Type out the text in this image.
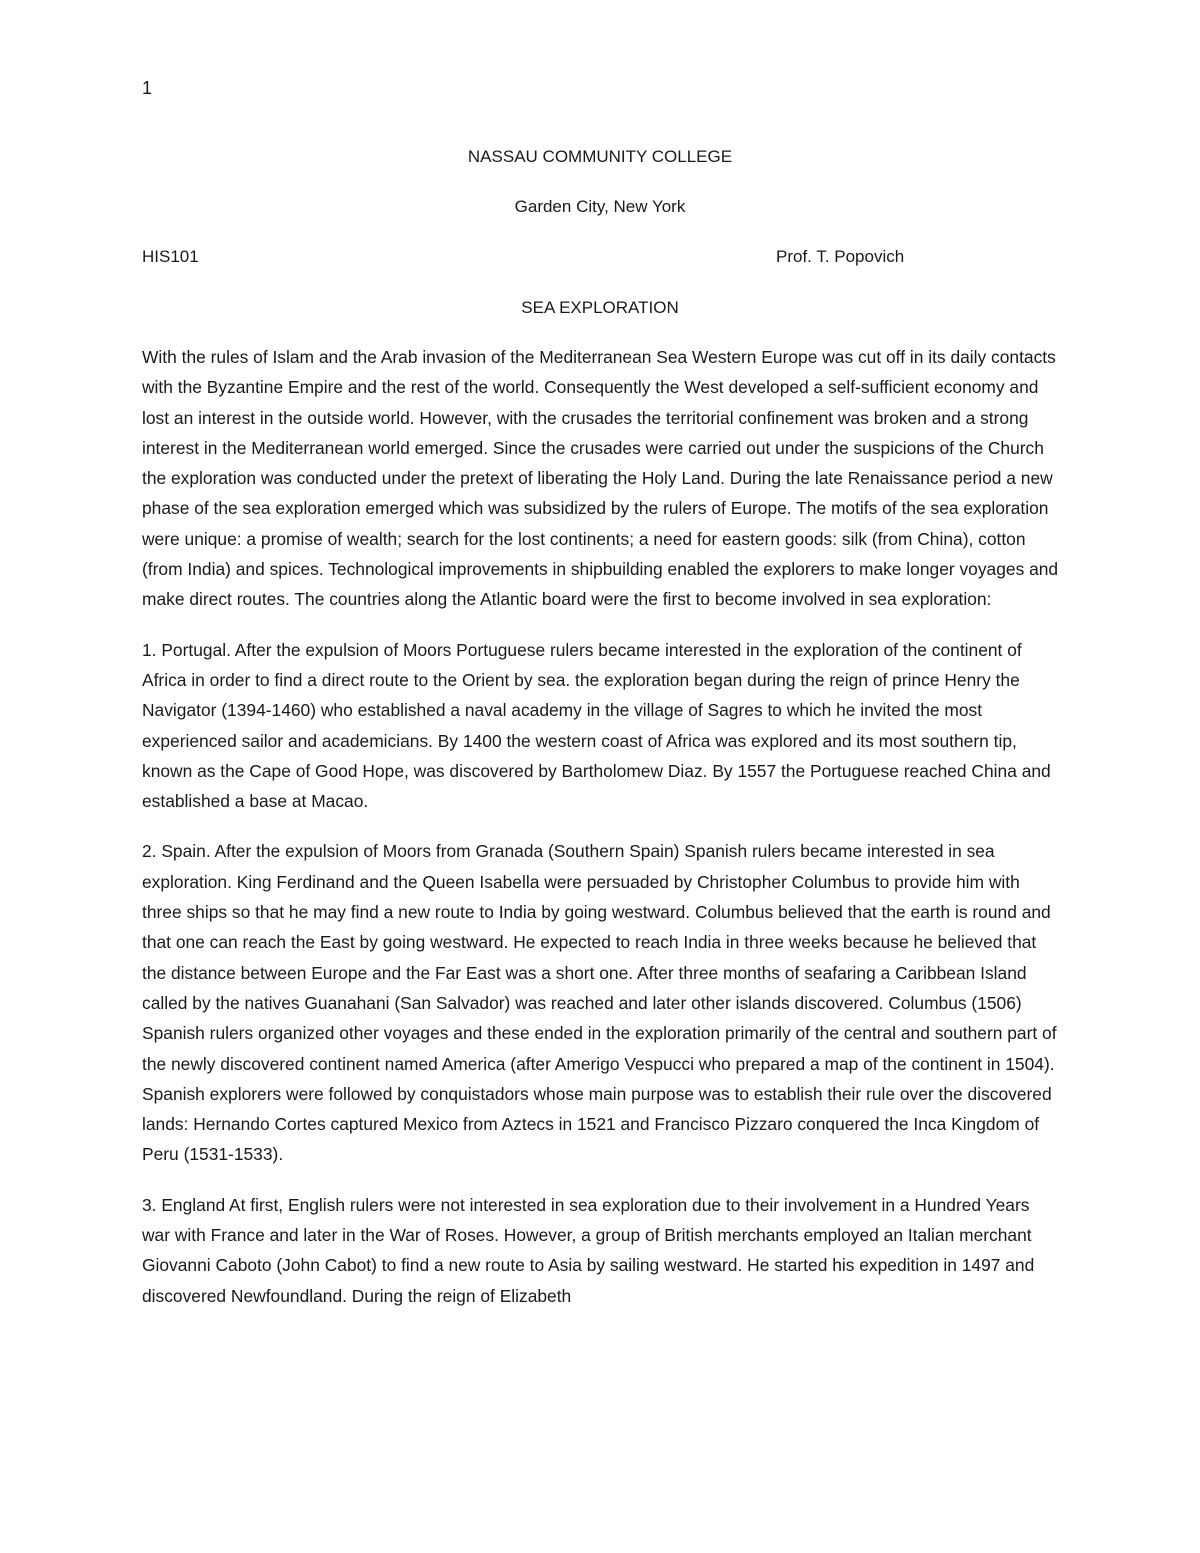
1
NASSAU COMMUNITY COLLEGE
Garden City, New York
HIS101	Prof. T. Popovich
SEA EXPLORATION

With the rules of Islam and the Arab invasion of the Mediterranean Sea Western Europe was cut off in its daily contacts with the Byzantine Empire and the rest of the world. Consequently the West developed a self-sufficient economy and lost an interest in the outside world. However, with the crusades the territorial confinement was broken and a strong interest in the Mediterranean world emerged. Since the crusades were carried out under the suspicions of the Church the exploration was conducted under the pretext of liberating the Holy Land. During the late Renaissance period a new phase of the sea exploration emerged which was subsidized by the rulers of Europe. The motifs of the sea exploration were unique: a promise of wealth; search for the lost continents; a need for eastern goods: silk (from China), cotton (from India) and spices. Technological improvements in shipbuilding enabled the explorers to make longer voyages and make direct routes. The countries along the Atlantic board were the first to become involved in sea exploration:

1. Portugal. After the expulsion of Moors Portuguese rulers became interested in the exploration of the continent of Africa in order to find a direct route to the Orient by sea. the exploration began during the reign of prince Henry the Navigator (1394-1460) who established a naval academy in the village of Sagres to which he invited the most experienced sailor and academicians. By 1400 the western coast of Africa was explored and its most southern tip, known as the Cape of Good Hope, was discovered by Bartholomew Diaz. By 1557 the Portuguese reached China and established a base at Macao.

2. Spain. After the expulsion of Moors from Granada (Southern Spain) Spanish rulers became interested in sea exploration. King Ferdinand and the Queen Isabella were persuaded by Christopher Columbus to provide him with three ships so that he may find a new route to India by going westward. Columbus believed that the earth is round and that one can reach the East by going westward. He expected to reach India in three weeks because he believed that the distance between Europe and the Far East was a short one. After three months of seafaring a Caribbean Island called by the natives Guanahani (San Salvador) was reached and later other islands discovered. Columbus (1506) Spanish rulers organized other voyages and these ended in the exploration primarily of the central and southern part of the newly discovered continent named America (after Amerigo Vespucci who prepared a map of the continent in 1504). Spanish explorers were followed by conquistadors whose main purpose was to establish their rule over the discovered lands: Hernando Cortes captured Mexico from Aztecs in 1521 and Francisco Pizzaro conquered the Inca Kingdom of Peru (1531-1533).

3. England At first, English rulers were not interested in sea exploration due to their involvement in a Hundred Years war with France and later in the War of Roses. However, a group of British merchants employed an Italian merchant Giovanni Caboto (John Cabot) to find a new route to Asia by sailing westward. He started his expedition in 1497 and discovered Newfoundland. During the reign of Elizabeth
